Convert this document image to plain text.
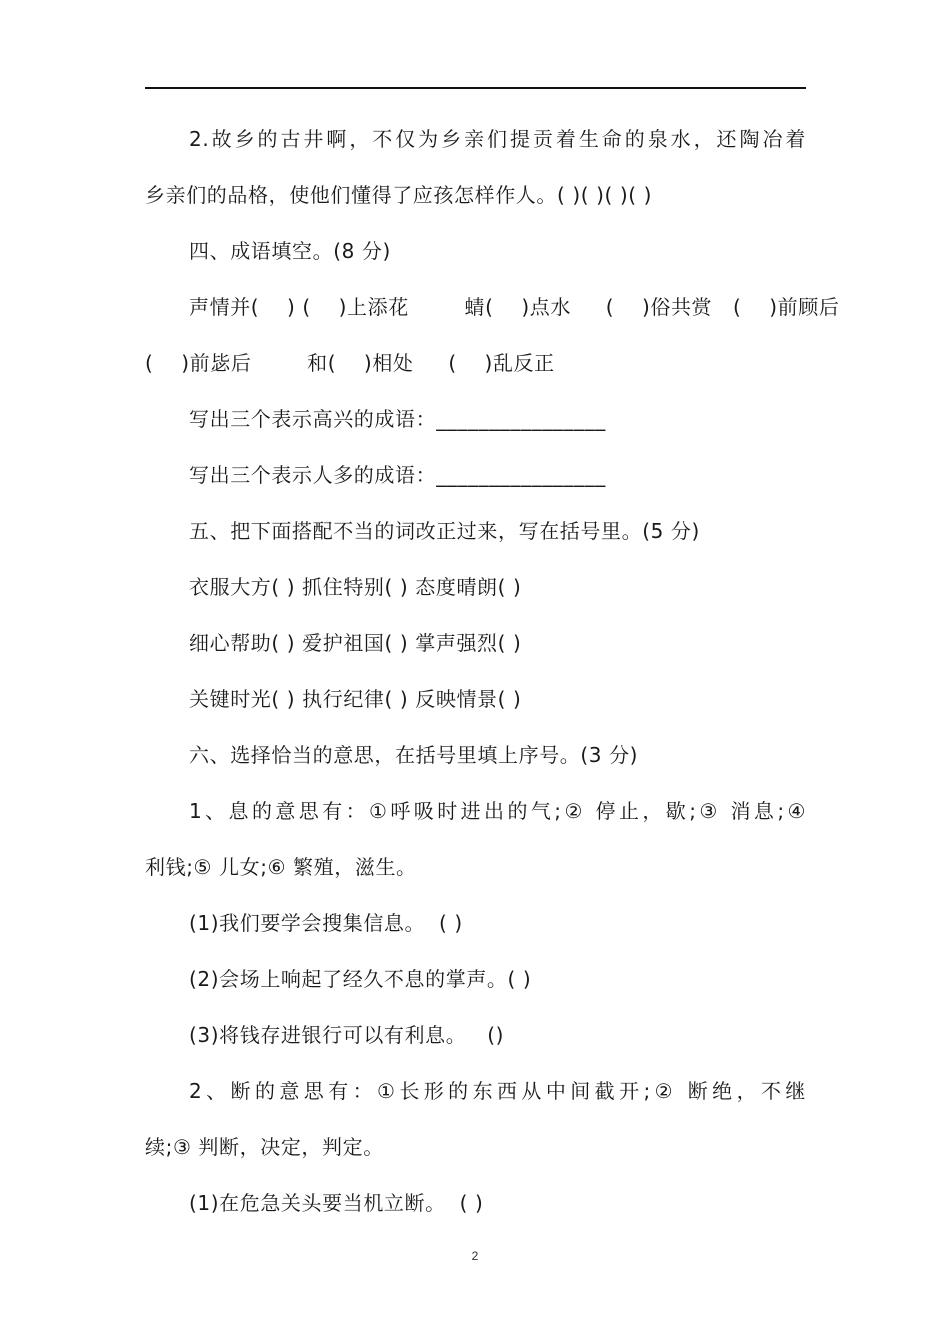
2.故乡的古井啊，不仅为乡亲们提贡着生命的泉水，还陶冶着
乡亲们的品格，使他们懂得了应孩怎样作人。( )( )( )( )
四、成语填空。(8 分)
声情并(    ) (    )上添花        蜻(    )点水     (    )俗共赏   (    )前顾后
(    )前毖后        和(    )相处     (    )乱反正
写出三个表示高兴的成语：________________
写出三个表示人多的成语：________________
五、把下面搭配不当的词改正过来，写在括号里。(5 分)
衣服大方( ) 抓住特别( ) 态度晴朗( )
细心帮助( ) 爱护祖国( ) 掌声强烈( )
关键时光( ) 执行纪律( ) 反映情景( )
六、选择恰当的意思，在括号里填上序号。(3 分)
1、息的意思有：①呼吸时进出的气;② 停止，歇;③ 消息;④
利钱;⑤ 儿女;⑥ 繁殖，滋生。
(1)我们要学会搜集信息。  ( )
(2)会场上响起了经久不息的掌声。( )
(3)将钱存进银行可以有利息。   ()
2、断的意思有：①长形的东西从中间截开;② 断绝，不继
续;③ 判断，决定，判定。
(1)在危急关头要当机立断。  ( )
2
